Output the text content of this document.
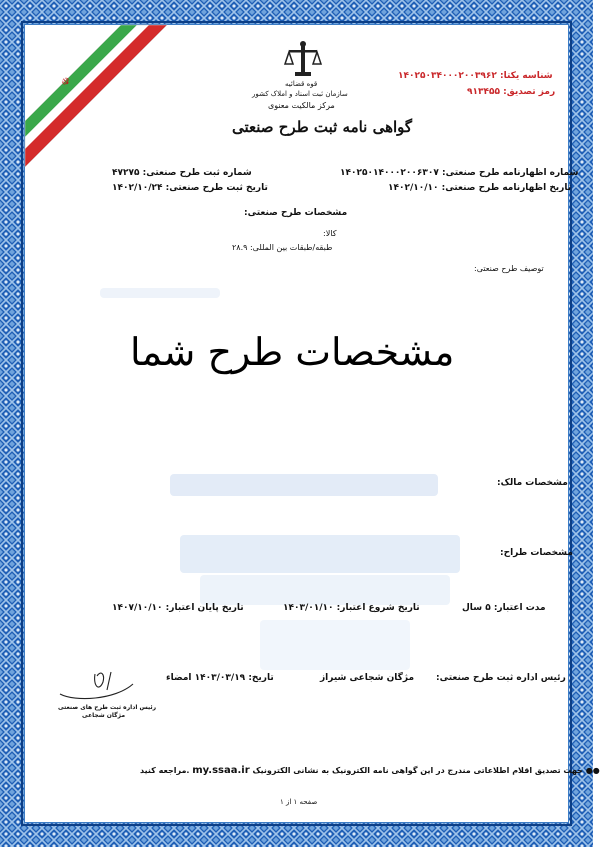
☫	قوه قضائیه
سازمان ثبت اسناد و املاک کشور
مرکز مالکیت معنوی
گواهی نامه ثبت طرح صنعتی
شناسه یکتا: ۱۴۰۲۵۰۳۴۰۰۰۲۰۰۳۹۶۲
رمز تصدیق: ۹۱۳۴۵۵
شماره اظهارنامه طرح صنعتی: ۱۴۰۲۵۰۱۴۰۰۰۲۰۰۶۳۰۷
شماره ثبت طرح صنعتی: ۴۷۲۷۵
تاریخ اظهارنامه طرح صنعتی: ۱۴۰۲/۱۰/۱۰
تاریخ ثبت طرح صنعتی: ۱۴۰۲/۱۰/۲۴
مشخصات طرح صنعتی:
کالا:
طبقه/طبقات بین المللی: ۲۸.۹
توصیف طرح صنعتی:
مشخصات طرح شما
مشخصات مالک:
مشخصات طراح:
مدت اعتبار: ۵ سال
تاریخ شروع اعتبار: ۱۴۰۳/۰۱/۱۰
تاریخ پایان اعتبار: ۱۴۰۷/۱۰/۱۰
رئیس اداره ثبت طرح صنعتی:
مژگان شجاعی شیراز
تاریخ: ۱۴۰۳/۰۳/۱۹ امضاء
رئیس اداره ثبت طرح های صنعتی
مژگان شجاعی
مراجعه کنید. my.ssaa.ir جهت تصدیق اقلام اطلاعاتی مندرج در این گواهی نامه الکترونیک به نشانی الکترونیک ●●
صفحه ۱ از ۱
